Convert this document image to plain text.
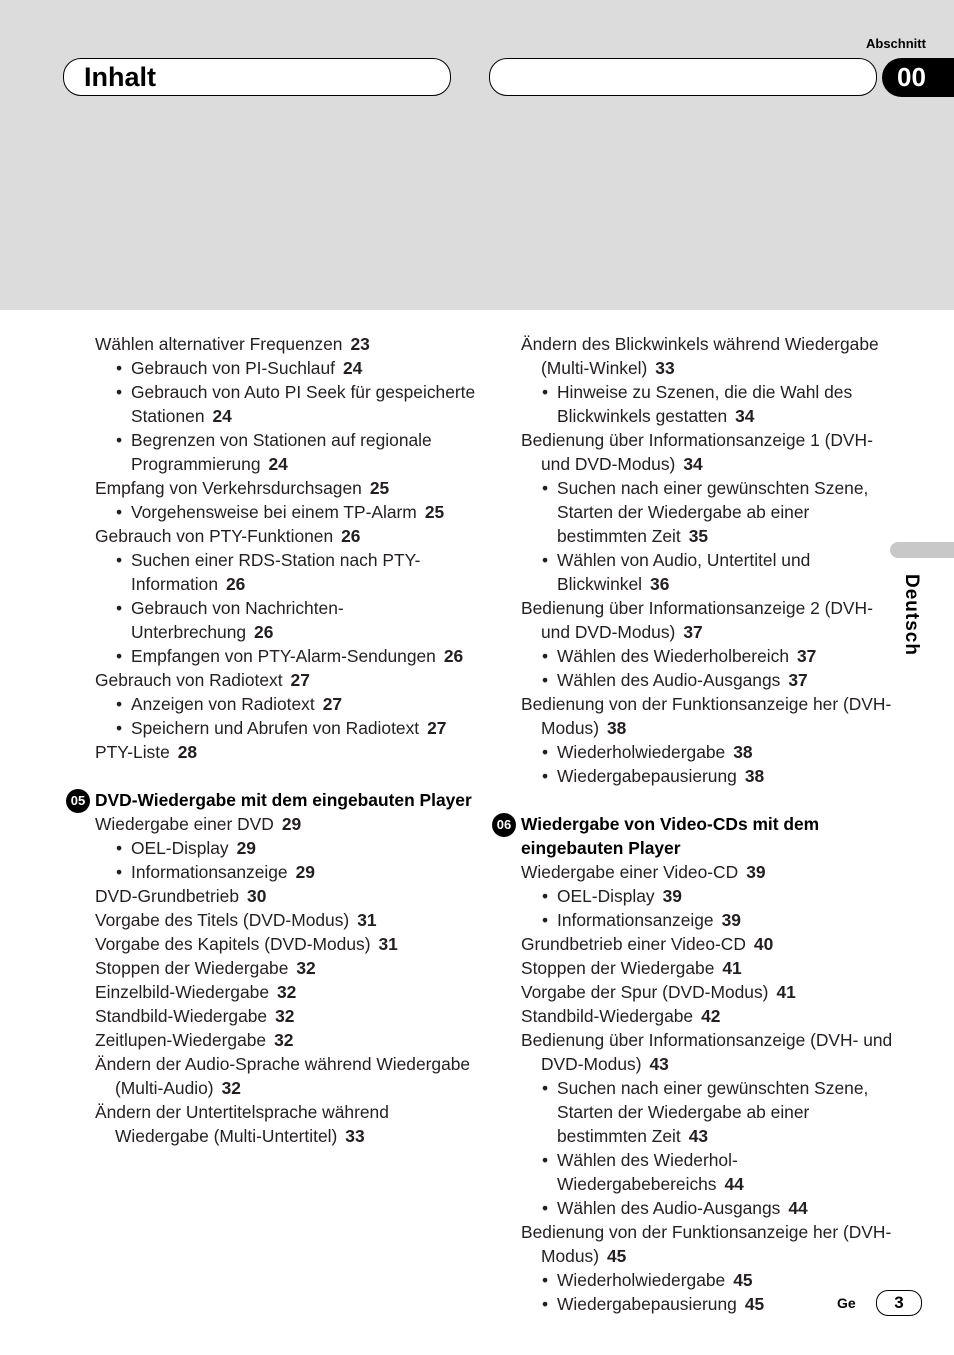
Abschnitt
Inhalt	00
Deutsch
Wählen alternativer Frequenzen 23
• Gebrauch von PI-Suchlauf 24
• Gebrauch von Auto PI Seek für gespeicherte Stationen 24
• Begrenzen von Stationen auf regionale Programmierung 24
Empfang von Verkehrsdurchsagen 25
• Vorgehensweise bei einem TP-Alarm 25
Gebrauch von PTY-Funktionen 26
• Suchen einer RDS-Station nach PTY-Information 26
• Gebrauch von Nachrichten-Unterbrechung 26
• Empfangen von PTY-Alarm-Sendungen 26
Gebrauch von Radiotext 27
• Anzeigen von Radiotext 27
• Speichern und Abrufen von Radiotext 27
PTY-Liste 28
05 DVD-Wiedergabe mit dem eingebauten Player
Wiedergabe einer DVD 29
• OEL-Display 29
• Informationsanzeige 29
DVD-Grundbetrieb 30
Vorgabe des Titels (DVD-Modus) 31
Vorgabe des Kapitels (DVD-Modus) 31
Stoppen der Wiedergabe 32
Einzelbild-Wiedergabe 32
Standbild-Wiedergabe 32
Zeitlupen-Wiedergabe 32
Ändern der Audio-Sprache während Wiedergabe (Multi-Audio) 32
Ändern der Untertitelsprache während Wiedergabe (Multi-Untertitel) 33
Ändern des Blickwinkels während Wiedergabe (Multi-Winkel) 33
• Hinweise zu Szenen, die die Wahl des Blickwinkels gestatten 34
Bedienung über Informationsanzeige 1 (DVH- und DVD-Modus) 34
• Suchen nach einer gewünschten Szene, Starten der Wiedergabe ab einer bestimmten Zeit 35
• Wählen von Audio, Untertitel und Blickwinkel 36
Bedienung über Informationsanzeige 2 (DVH- und DVD-Modus) 37
• Wählen des Wiederholbereich 37
• Wählen des Audio-Ausgangs 37
Bedienung von der Funktionsanzeige her (DVH-Modus) 38
• Wiederholwiedergabe 38
• Wiedergabepausierung 38
06 Wiedergabe von Video-CDs mit dem eingebauten Player
Wiedergabe einer Video-CD 39
• OEL-Display 39
• Informationsanzeige 39
Grundbetrieb einer Video-CD 40
Stoppen der Wiedergabe 41
Vorgabe der Spur (DVD-Modus) 41
Standbild-Wiedergabe 42
Bedienung über Informationsanzeige (DVH- und DVD-Modus) 43
• Suchen nach einer gewünschten Szene, Starten der Wiedergabe ab einer bestimmten Zeit 43
• Wählen des Wiederhol-Wiedergabebereichs 44
• Wählen des Audio-Ausgangs 44
Bedienung von der Funktionsanzeige her (DVH-Modus) 45
• Wiederholwiedergabe 45
• Wiedergabepausierung 45	Ge	3
